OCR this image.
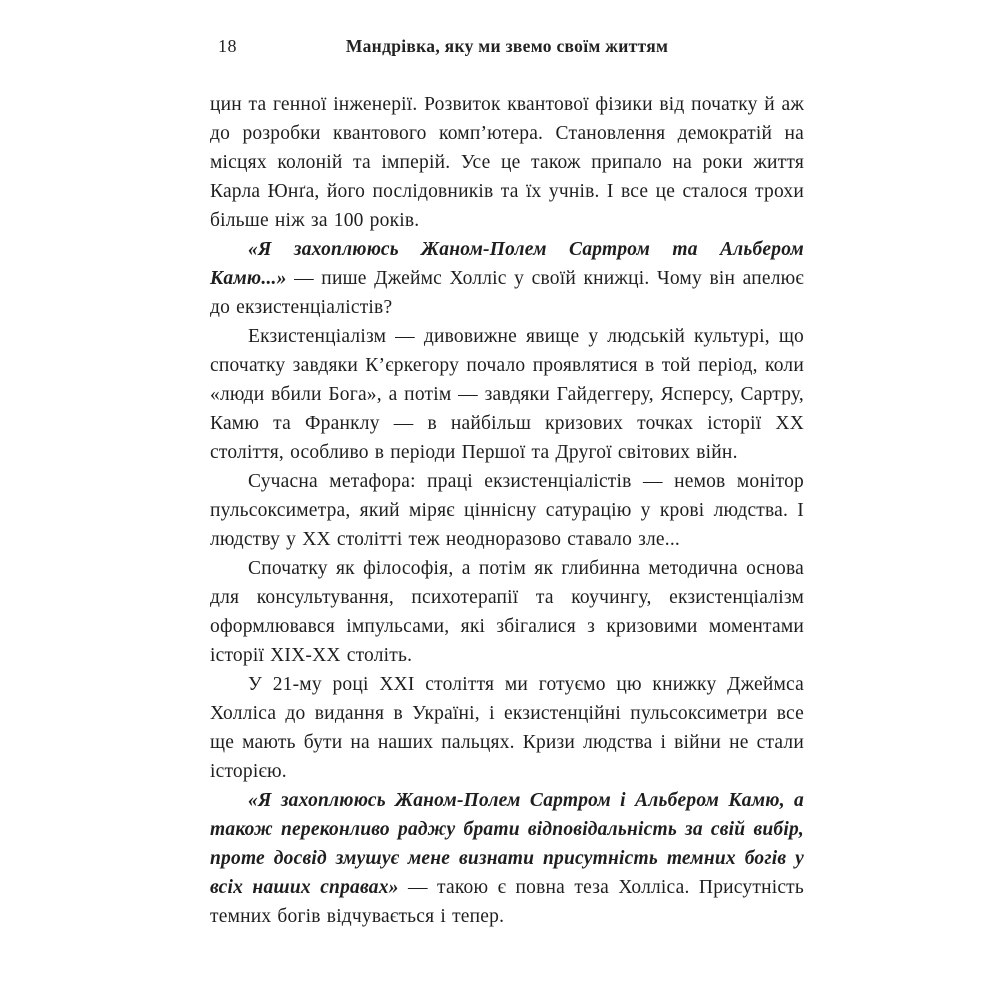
18	Мандрівка, яку ми звемо своїм життям

цин та генної інженерії. Розвиток квантової фізики від початку й аж до розробки квантового комп’ютера. Становлення демократій на місцях колоній та імперій. Усе це також припало на роки життя Карла Юнґа, його послідовників та їх учнів. І все це сталося трохи більше ніж за 100 років.

«Я захоплююсь Жаном-Полем Сартром та Альбером Камю...» — пише Джеймс Холліс у своїй книжці. Чому він апелює до екзистенціалістів?

Екзистенціалізм — дивовижне явище у людській культурі, що спочатку завдяки К’єркегору почало проявлятися в той період, коли «люди вбили Бога», а потім — завдяки Гайдеггеру, Ясперсу, Сартру, Камю та Франклу — в найбільш кризових точках історії XX століття, особливо в періоди Першої та Другої світових війн.

Сучасна метафора: праці екзистенціалістів — немов монітор пульсоксиметра, який міряє ціннісну сатурацію у крові людства. І людству у XX столітті теж неодноразово ставало зле...

Спочатку як філософія, а потім як глибинна методична основа для консультування, психотерапії та коучингу, екзистенціалізм оформлювався імпульсами, які збігалися з кризовими моментами історії XIX-XX століть.

У 21-му році XXI століття ми готуємо цю книжку Джеймса Холліса до видання в Україні, і екзистенційні пульсоксиметри все ще мають бути на наших пальцях. Кризи людства і війни не стали історією.

«Я захоплююсь Жаном-Полем Сартром і Альбером Камю, а також переконливо раджу брати відповідальність за свій вибір, проте досвід змушує мене визнати присутність темних богів у всіх наших справах» — такою є повна теза Холліса. Присутність темних богів відчувається і тепер.
